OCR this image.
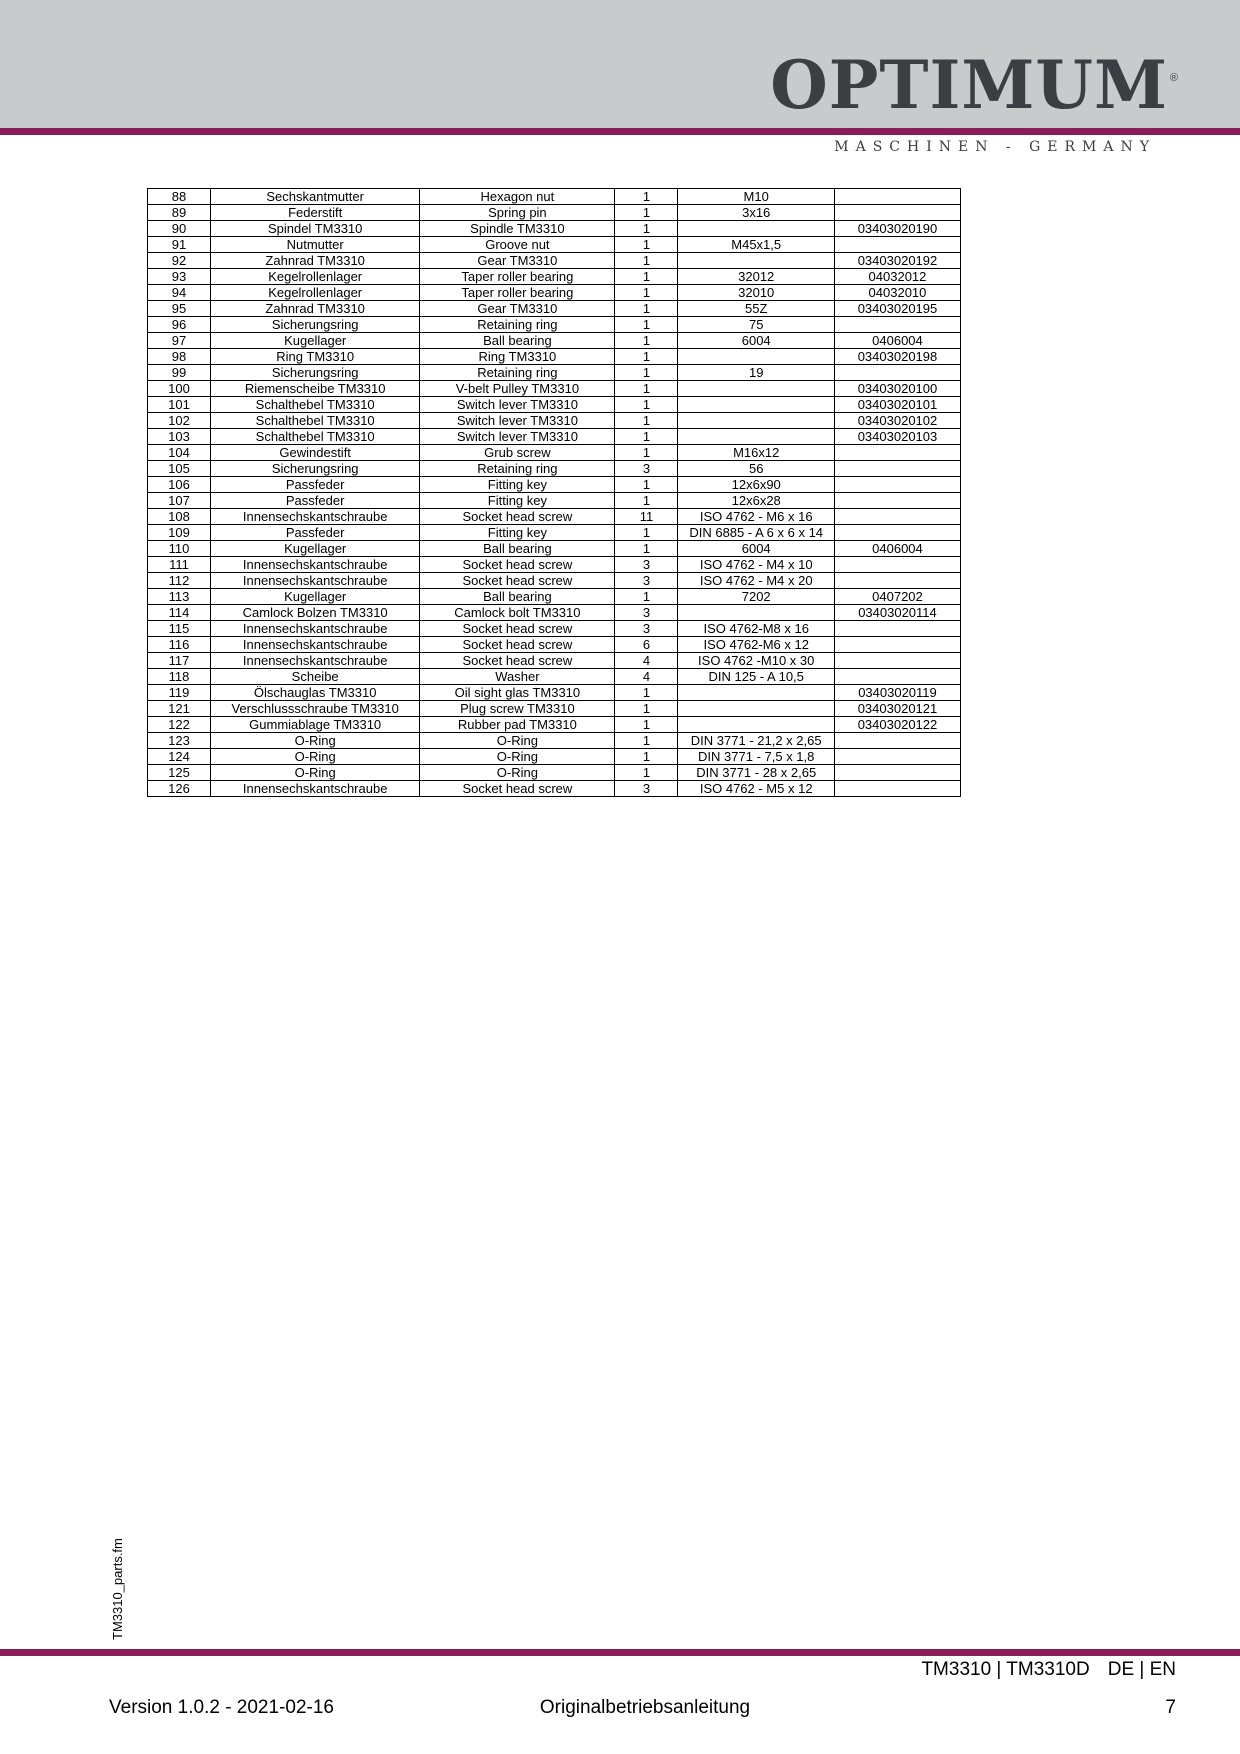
OPTIMUM ®
MASCHINEN - GERMANY
88	Sechskantmutter	Hexagon nut	1	M10	
89	Federstift	Spring pin	1	3x16	
90	Spindel TM3310	Spindle TM3310	1		03403020190
91	Nutmutter	Groove nut	1	M45x1,5	
92	Zahnrad TM3310	Gear TM3310	1		03403020192
93	Kegelrollenlager	Taper roller bearing	1	32012	04032012
94	Kegelrollenlager	Taper roller bearing	1	32010	04032010
95	Zahnrad TM3310	Gear TM3310	1	55Z	03403020195
96	Sicherungsring	Retaining ring	1	75	
97	Kugellager	Ball bearing	1	6004	0406004
98	Ring TM3310	Ring TM3310	1		03403020198
99	Sicherungsring	Retaining ring	1	19	
100	Riemenscheibe TM3310	V-belt Pulley TM3310	1		03403020100
101	Schalthebel TM3310	Switch lever TM3310	1		03403020101
102	Schalthebel TM3310	Switch lever TM3310	1		03403020102
103	Schalthebel TM3310	Switch lever TM3310	1		03403020103
104	Gewindestift	Grub screw	1	M16x12	
105	Sicherungsring	Retaining ring	3	56	
106	Passfeder	Fitting key	1	12x6x90	
107	Passfeder	Fitting key	1	12x6x28	
108	Innensechskantschraube	Socket head screw	11	ISO 4762 - M6 x 16	
109	Passfeder	Fitting key	1	DIN 6885 - A 6 x 6 x 14	
110	Kugellager	Ball bearing	1	6004	0406004
111	Innensechskantschraube	Socket head screw	3	ISO 4762 - M4 x 10	
112	Innensechskantschraube	Socket head screw	3	ISO 4762 - M4 x 20	
113	Kugellager	Ball bearing	1	7202	0407202
114	Camlock Bolzen TM3310	Camlock bolt TM3310	3		03403020114
115	Innensechskantschraube	Socket head screw	3	ISO 4762-M8 x 16	
116	Innensechskantschraube	Socket head screw	6	ISO 4762-M6 x 12	
117	Innensechskantschraube	Socket head screw	4	ISO 4762 -M10 x 30	
118	Scheibe	Washer	4	DIN 125 - A 10,5	
119	Ölschauglas TM3310	Oil sight glas TM3310	1		03403020119
121	Verschlussschraube TM3310	Plug screw TM3310	1		03403020121
122	Gummiablage TM3310	Rubber pad TM3310	1		03403020122
123	O-Ring	O-Ring	1	DIN 3771 - 21,2 x 2,65	
124	O-Ring	O-Ring	1	DIN 3771 - 7,5 x 1,8	
125	O-Ring	O-Ring	1	DIN 3771 - 28 x 2,65	
126	Innensechskantschraube	Socket head screw	3	ISO 4762 - M5 x 12	
TM3310_parts.fm
TM3310 | TM3310D DE | EN
Version 1.0.2 - 2021-02-16	Originalbetriebsanleitung	7
